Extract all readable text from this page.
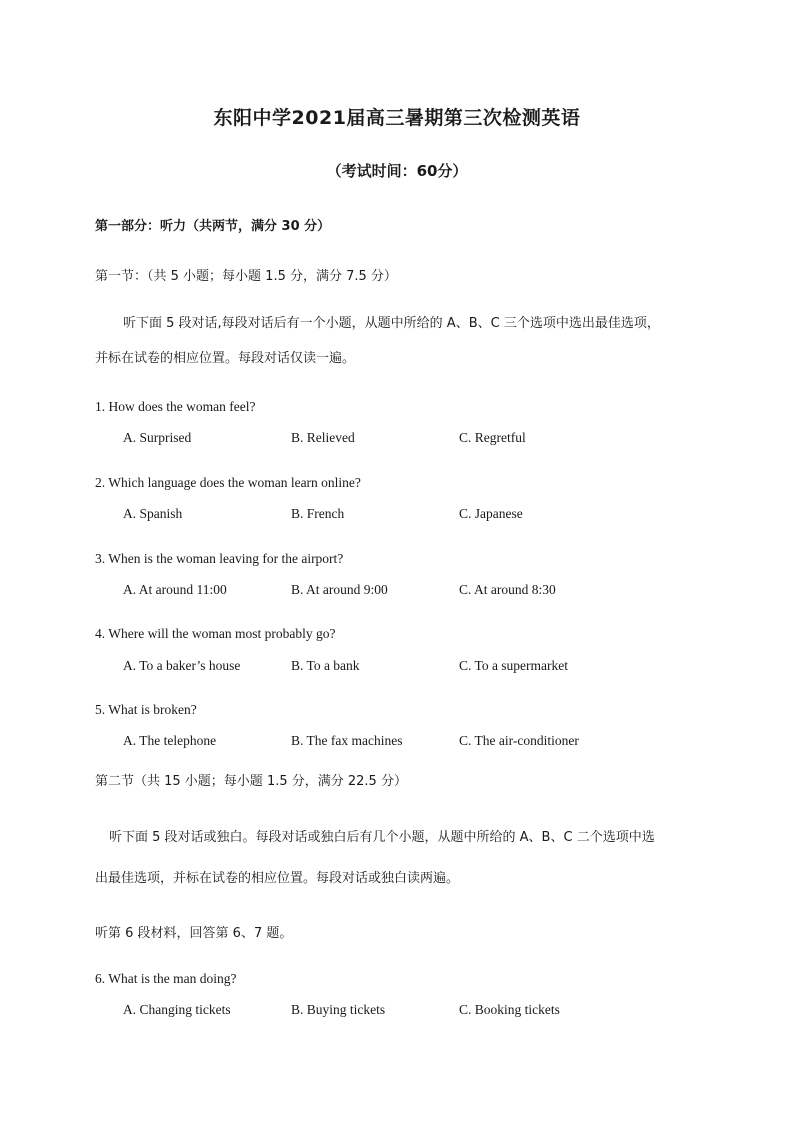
东阳中学2021届高三暑期第三次检测英语
（考试时间：60分）
第一部分：听力（共两节，满分 30 分）
第一节：（共 5 小题；每小题 1.5 分，满分 7.5 分）
听下面 5 段对话,每段对话后有一个小题，从题中所给的 A、B、C 三个选项中选出最佳选项，
并标在试卷的相应位置。每段对话仅读一遍。
1. How does the woman feel?
A. Surprised	B. Relieved	C. Regretful
2. Which language does the woman learn online?
A. Spanish	B. French	C. Japanese
3. When is the woman leaving for the airport?
A. At around 11:00	B. At around 9:00	C. At around 8:30
4. Where will the woman most probably go?
A. To a baker’s house	B. To a bank	C. To a supermarket
5. What is broken?
A. The telephone	B. The fax machines	C. The air-conditioner
第二节（共 15 小题；每小题 1.5 分，满分 22.5 分）
听下面 5 段对话或独白。每段对话或独白后有几个小题，从题中所给的 A、B、C 二个选项中选
出最佳选项，并标在试卷的相应位置。每段对话或独白读两遍。
听第 6 段材料，回答第 6、7 题。
6. What is the man doing?
A. Changing tickets	B. Buying tickets	C. Booking tickets
